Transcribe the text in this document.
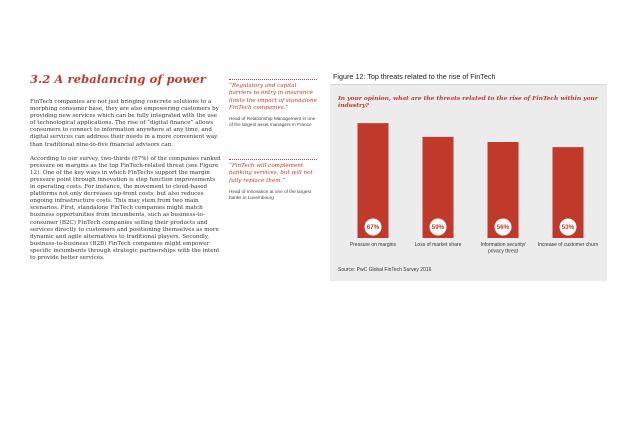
3.2 A rebalancing of power

FinTech companies are not just bringing concrete solutions to a morphing consumer base, they are also empowering customers by providing new services which can be fully integrated with the use of technological applications. The rise of “digital finance” allows consumers to connect to information anywhere at any time, and digital services can address their needs in a more convenient way than traditional nine-to-five financial advisors can.

According to our survey, two-thirds (67%) of the companies ranked pressure on margins as the top FinTech-related threat (see Figure 12). One of the key ways in which FinTechs support the margin pressure point through innovation is step function improvements in operating costs. For instance, the movement to cloud-based platforms not only decreases up-front costs, but also reduces ongoing infrastructure costs. This may stem from two main scenarios. First, standalone FinTech companies might match business opportunities from incumbents, such as business-to-consumer (B2C) FinTech companies selling their products and services directly to customers and positioning themselves as more dynamic and agile alternatives to traditional players. Secondly, business-to-business (B2B) FinTech companies might empower specific incumbents through strategic partnerships with the intent to provide better services.

“Regulatory and capital barriers to entry in insurance limits the impact of standalone FinTech companies.”
Head of Relationship Management in one of the largest asset managers in France
“FinTech will complement banking services, but will not fully replace them.”
Head of Innovation at one of the largest banks in Luxembourg
67%
Pressure on margins
59%
Loss of market share
56%
Information security/ privacy threat
53%
Increase of customer churn
Figure 12: Top threats related to the rise of FinTech
In your opinion, what are the threats related to the rise of FinTech within your industry?
Source: PwC Global FinTech Survey 2016
